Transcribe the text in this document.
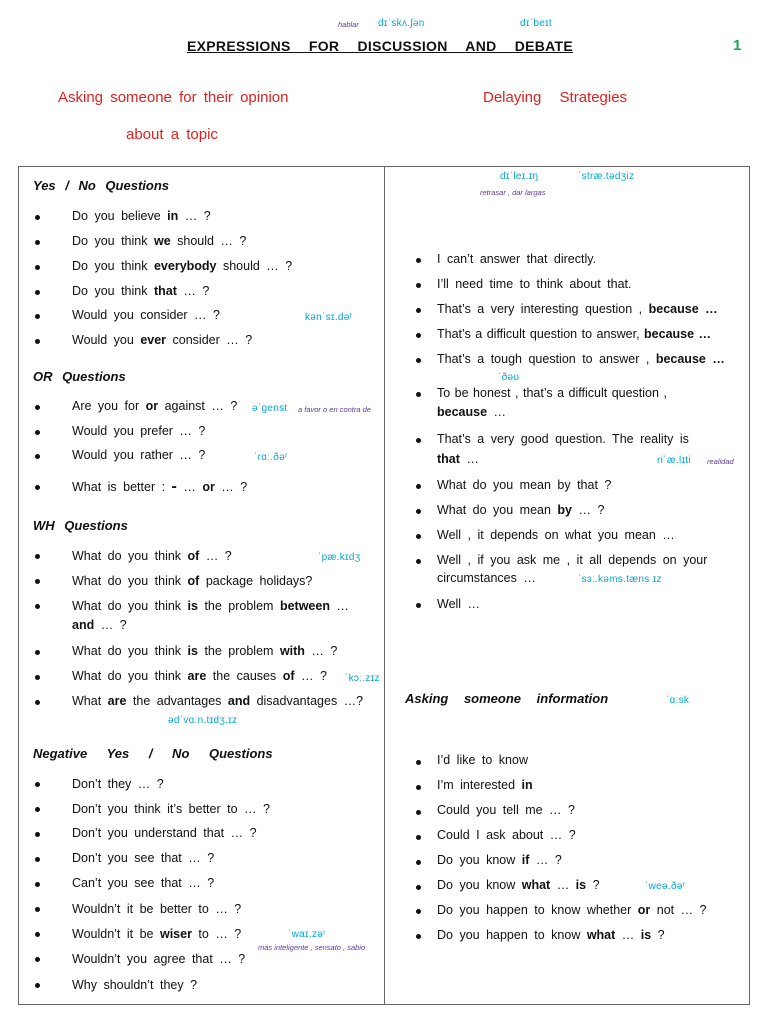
hablar dɪˈskʌ.ʃən	dɪˈbeɪt
EXPRESSIONS FOR DISCUSSION AND DEBATE	1
Asking someone for their opinion
about a topic
Delaying Strategies
Yes / No Questions
Do you believe in … ?
Do you think we should … ?
Do you think everybody should … ?
Do you think that … ?
Would you consider … ?	kənˈsɪ.dəʳ
Would you ever consider … ?
OR Questions
Are you for or against … ? əˈɡenst a favor o en contra de
Would you prefer … ?
Would you rather … ?	ˈrɑː.ðəʳ
What is better : - … or … ?
WH Questions
What do you think of … ?	ˈpæ.kɪdʒ
What do you think of package holidays?
What do you think is the problem between …
and … ?
What do you think is the problem with … ?
What do you think are the causes of … ? ˈkɔː.zɪz
What are the advantages and disadvantages …?
ədˈvɑːn.tɪdʒ.ɪz
Negative Yes / No Questions
Don’t they … ?
Don’t you think it’s better to … ?
Don’t you understand that … ?
Don’t you see that … ?
Can’t you see that … ?
Wouldn’t it be better to … ?
Wouldn’t it be wiser to … ?	ˈwaɪ.zəʳ
más inteligente , sensato , sabio
Wouldn’t you agree that … ?
Why shouldn’t they ?
dɪˈleɪ.ɪŋ	ˈstræ.tədʒiz
retrasar , dar largas
I can’t answer that directly.
I’ll need time to think about that.
That’s a very interesting question , because …
That’s a difficult question to answer, because …
That’s a tough question to answer , because …
ˈðəʊ
To be honest , that’s a difficult question ,
because …
That’s a very good question. The reality is
that …	riˈæ.lɪti realidad
What do you mean by that ?
What do you mean by … ?
Well , it depends on what you mean …
Well , if you ask me , it all depends on your
circumstances …	ˈsɜː.kəms.tæns ɪz
Well …
Asking someone information	ˈɑːsk
I’d like to know
I’m interested in
Could you tell me … ?
Could I ask about … ?
Do you know if … ?
Do you know what … is ?	ˈweə.ðəʳ
Do you happen to know whether or not … ?
Do you happen to know what … is ?
